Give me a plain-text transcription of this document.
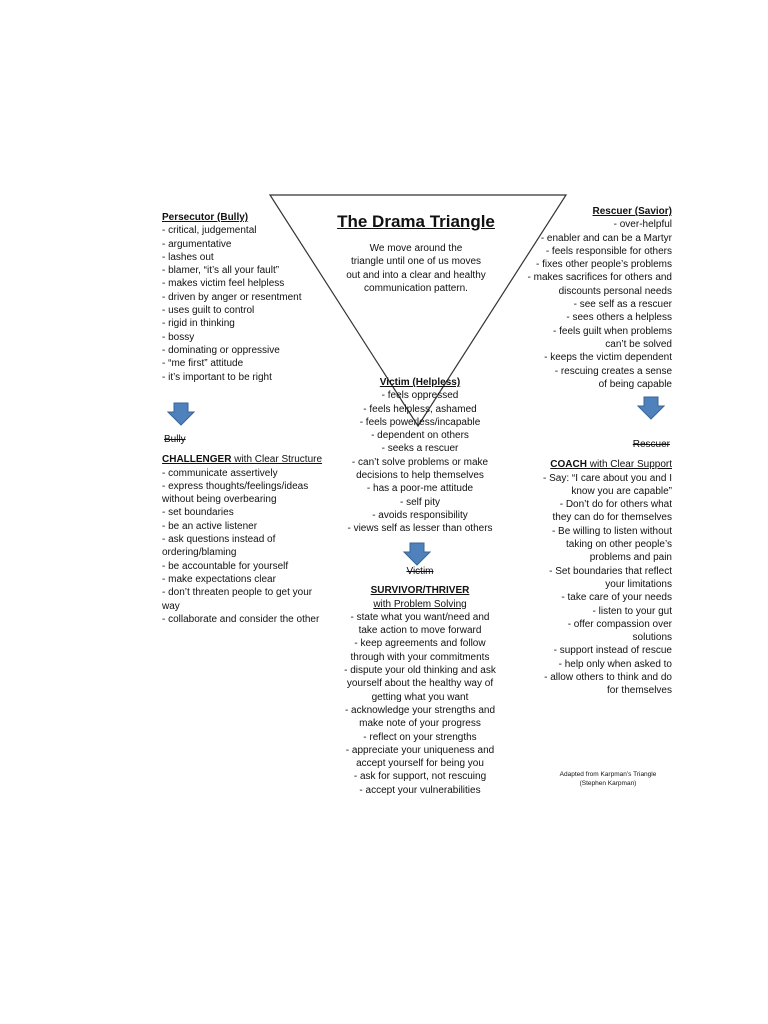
The Drama Triangle
We move around the
triangle until one of us moves
out and into a clear and healthy
communication pattern.
Persecutor (Bully)
- critical, judgemental
- argumentative
- lashes out
- blamer, “it’s all your fault”
- makes victim feel helpless
- driven by anger or resentment
- uses guilt to control
- rigid in thinking
- bossy
- dominating or oppressive
- “me first” attitude
- it’s important to be right
Bully
CHALLENGER with Clear Structure
- communicate assertively
- express thoughts/feelings/ideas
without being overbearing
- set boundaries
- be an active listener
- ask questions instead of
ordering/blaming
- be accountable for yourself
- make expectations clear
- don’t threaten people to get your
way
- collaborate and consider the other
Rescuer (Savior)
- over-helpful
- enabler and can be a Martyr
- feels responsible for others
- fixes other people’s problems
- makes sacrifices for others and
discounts personal needs
- see self as a rescuer
- sees others a helpless
- feels guilt when problems
can’t be solved
- keeps the victim dependent
- rescuing creates a sense
of being capable
Rescuer
COACH with Clear Support
- Say: “I care about you and I
know you are capable”
- Don’t do for others what
they can do for themselves
- Be willing to listen without
taking on other people’s
problems and pain
- Set boundaries that reflect
your limitations
- take care of your needs
- listen to your gut
- offer compassion over
solutions
- support instead of rescue
- help only when asked to
- allow others to think and do
for themselves
Victim (Helpless)
- feels oppressed
- feels helpless, ashamed
- feels powerless/incapable
- dependent on others
- seeks a rescuer
- can’t solve problems or make
decisions to help themselves
- has a poor-me attitude
- self pity
- avoids responsibility
- views self as lesser than others
Victim
SURVIVOR/THRIVER
with Problem Solving
- state what you want/need and
take action to move forward
- keep agreements and follow
through with your commitments
- dispute your old thinking and ask
yourself about the healthy way of
getting what you want
- acknowledge your strengths and
make note of your progress
- reflect on your strengths
- appreciate your uniqueness and
accept yourself for being you
- ask for support, not rescuing
- accept your vulnerabilities
Adapted from Karpman’s Triangle
(Stephen Karpman)
